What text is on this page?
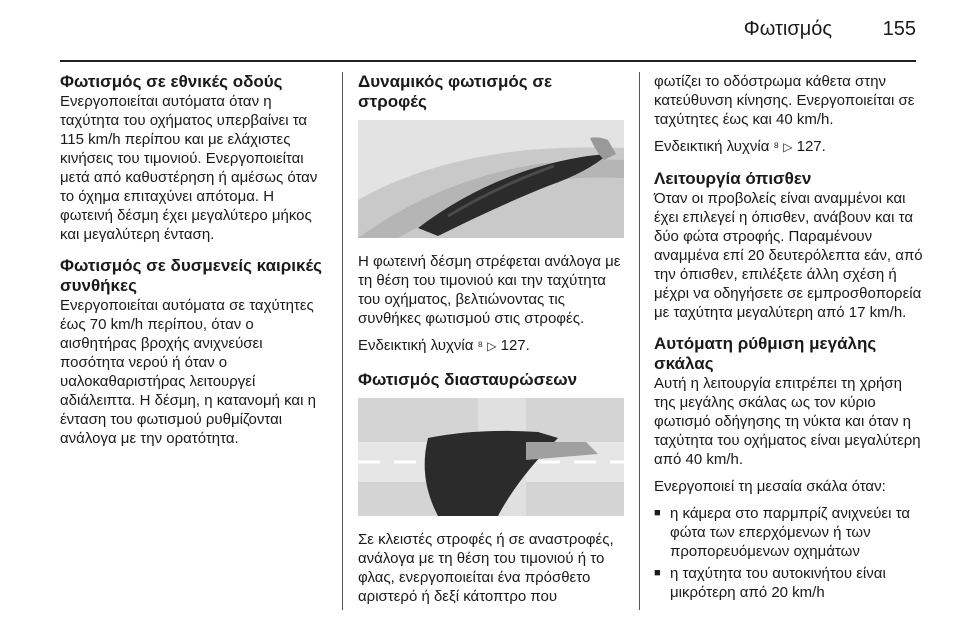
Φωτισμός	155
Φωτισμός σε εθνικές οδούς

Ενεργοποιείται αυτόματα όταν η ταχύτητα του οχήματος υπερβαίνει τα 115 km/h περίπου και με ελάχιστες κινήσεις του τιμονιού. Ενεργοποιείται μετά από καθυστέρηση ή αμέσως όταν το όχημα επιταχύνει απότομα. Η φωτεινή δέσμη έχει μεγαλύτερο μήκος και μεγαλύτερη ένταση.

Φωτισμός σε δυσμενείς καιρικές συνθήκες

Ενεργοποιείται αυτόματα σε ταχύτητες έως 70 km/h περίπου, όταν ο αισθητήρας βροχής ανιχνεύσει ποσότητα νερού ή όταν ο υαλοκαθαριστήρας λειτουργεί αδιάλειπτα. Η δέσμη, η κατανομή και η ένταση του φωτισμού ρυθμίζονται ανάλογα με την ορατότητα.

Δυναμικός φωτισμός σε στροφές

Η φωτεινή δέσμη στρέφεται ανάλογα με τη θέση του τιμονιού και την ταχύτητα του οχήματος, βελτιώνοντας τις συνθήκες φωτισμού στις στροφές.

Ενδεικτική λυχνία ⁸ ▷ 127.

Φωτισμός διασταυρώσεων

Σε κλειστές στροφές ή σε αναστροφές, ανάλογα με τη θέση του τιμονιού ή το φλας, ενεργοποιείται ένα πρόσθετο αριστερό ή δεξί κάτοπτρο που

φωτίζει το οδόστρωμα κάθετα στην κατεύθυνση κίνησης. Ενεργοποιείται σε ταχύτητες έως και 40 km/h.

Ενδεικτική λυχνία ⁸ ▷ 127.

Λειτουργία όπισθεν

Όταν οι προβολείς είναι αναμμένοι και έχει επιλεγεί η όπισθεν, ανάβουν και τα δύο φώτα στροφής. Παραμένουν αναμμένα επί 20 δευτερόλεπτα εάν, από την όπισθεν, επιλέξετε άλλη σχέση ή μέχρι να οδηγήσετε σε εμπροσθοπορεία με ταχύτητα μεγαλύτερη από 17 km/h.

Αυτόματη ρύθμιση μεγάλης σκάλας

Αυτή η λειτουργία επιτρέπει τη χρήση της μεγάλης σκάλας ως τον κύριο φωτισμό οδήγησης τη νύκτα και όταν η ταχύτητα του οχήματος είναι μεγαλύτερη από 40 km/h.

Ενεργοποιεί τη μεσαία σκάλα όταν:

■ η κάμερα στο παρμπρίζ ανιχνεύει τα φώτα των επερχόμενων ή των προπορευόμενων οχημάτων
■ η ταχύτητα του αυτοκινήτου είναι μικρότερη από 20 km/h
